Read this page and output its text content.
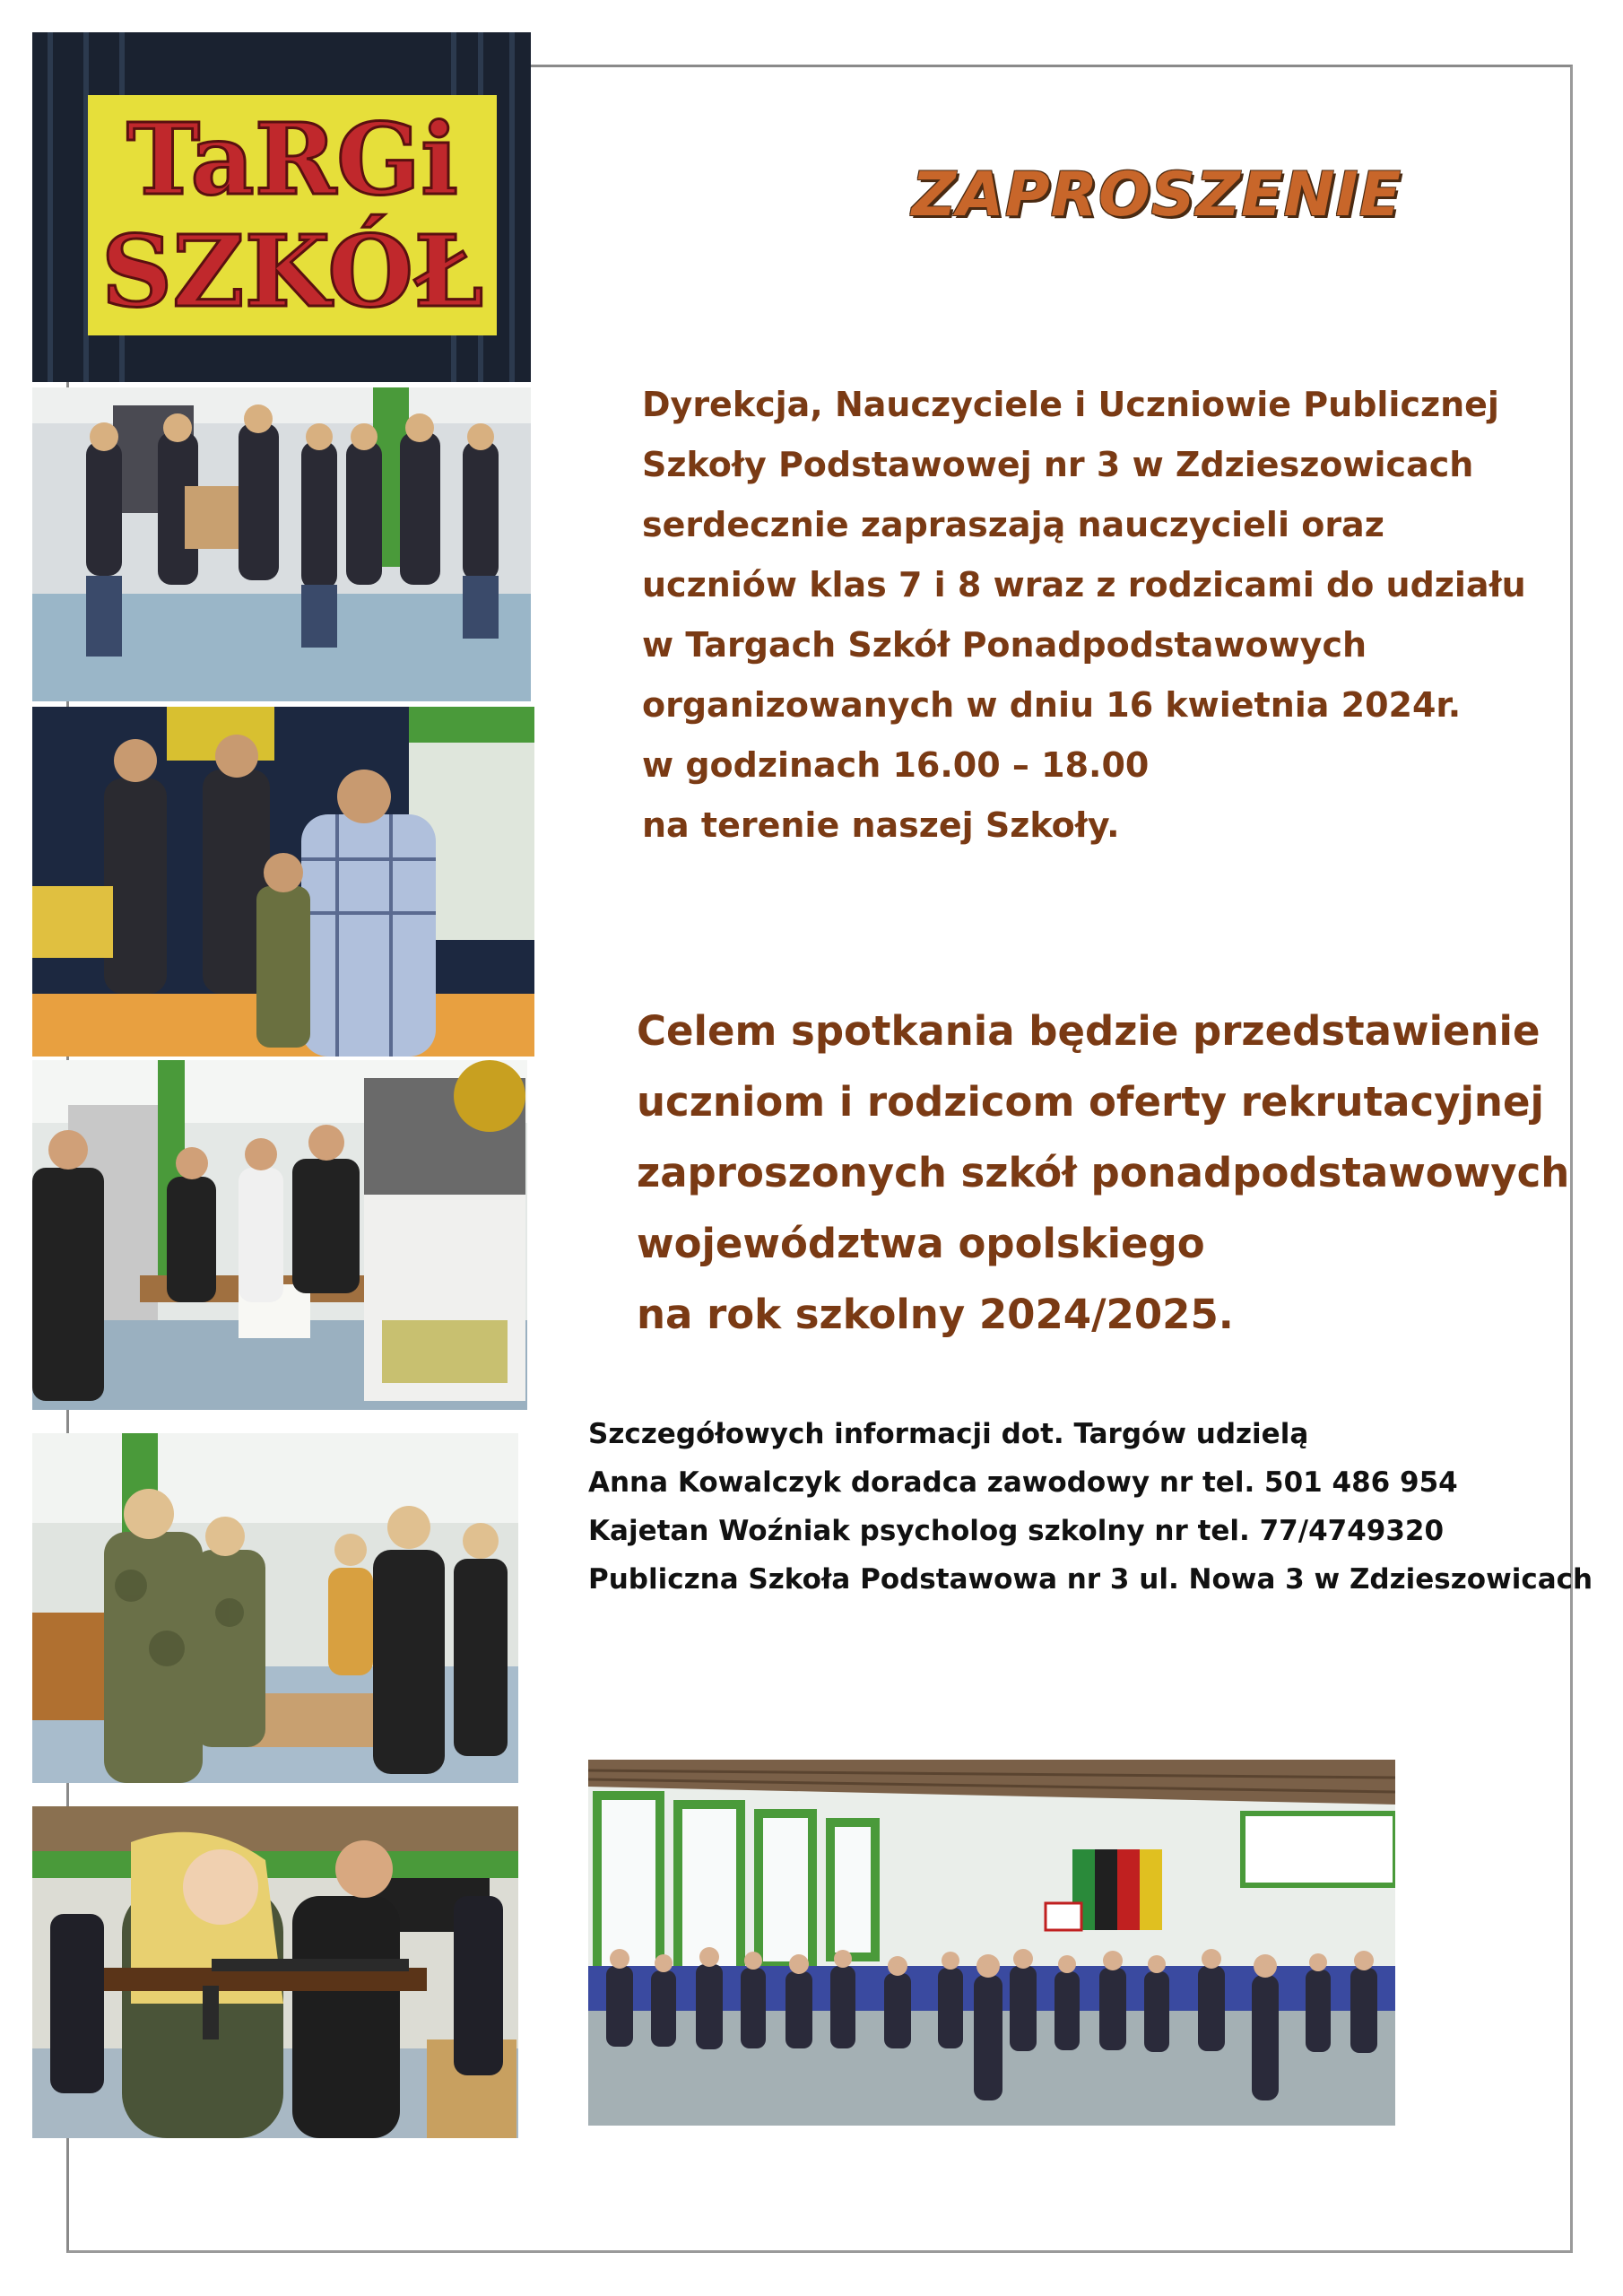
TaRGi
SZKÓŁ
ZAPROSZENIE
Dyrekcja, Nauczyciele i Uczniowie Publicznej
Szkoły Podstawowej nr 3 w Zdzieszowicach
serdecznie zapraszają nauczycieli oraz
uczniów klas 7 i 8 wraz z rodzicami do udziału
w Targach Szkół Ponadpodstawowych
organizowanych w dniu 16 kwietnia 2024r.
w godzinach 16.00 – 18.00
na terenie naszej Szkoły.
Celem spotkania będzie przedstawienie
uczniom i rodzicom oferty rekrutacyjnej
zaproszonych szkół ponadpodstawowych
województwa opolskiego
na rok szkolny 2024/2025.
Szczegółowych informacji dot. Targów udzielą
Anna Kowalczyk doradca zawodowy nr tel. 501 486 954
Kajetan Woźniak psycholog szkolny nr tel. 77/4749320
Publiczna Szkoła Podstawowa nr 3 ul. Nowa 3 w Zdzieszowicach
